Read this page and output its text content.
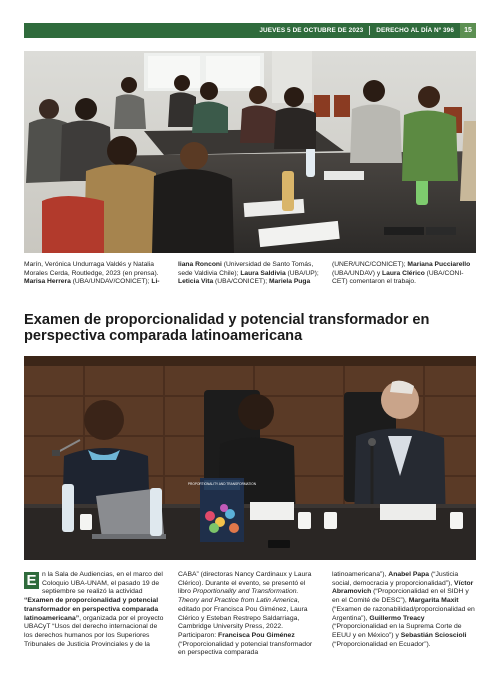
JUEVES 5 DE OCTUBRE DE 2023	DERECHO AL DÍA Nº 396	15
Marín, Verónica Undurraga Valdés y Natalia Morales Cerda, Routledge, 2023 (en prensa). Marisa Herrera (UBA/UNDAV/CONICET); Li-
liana Ronconi (Universidad de Santo Tomás, sede Valdivia Chile); Laura Saldivia (UBA/UP); Leticia Vita (UBA/CONICET); Mariela Puga
(UNER/UNC/CONICET); Mariana Pucciarello (UBA/UNDAV) y Laura Clérico (UBA/CONI-CET) comentaron el trabajo.
Examen de proporcionalidad y potencial transformador en perspectiva comparada latinoamericana
PROPORTIONALITY AND TRANSFORMATION
E n la Sala de Audiencias, en el marco del Coloquio UBA-UNAM, el pasado 19 de septiembre se realizó la actividad “Examen de proporcionalidad y potencial transformador en perspectiva comparada latinoamericana”, organizada por el proyecto UBACyT “Usos del derecho internacional de los derechos humanos por los Superiores Tribunales de Justicia Provinciales y de la
CABA” (directoras Nancy Cardinaux y Laura Clérico). Durante el evento, se presentó el libro Proportionality and Transformation. Theory and Practice from Latin America, editado por Francisca Pou Giménez, Laura Clérico y Esteban Restrepo Saldarriaga, Cambridge University Press, 2022. Participaron: Francisca Pou Giménez (“Proporcionalidad y potencial transformador en perspectiva comparada
latinoamericana”), Anabel Papa (“Justicia social, democracia y proporcionalidad”), Víctor Abramovich (“Proporcionalidad en el SIDH y en el Comité de DESC”), Margarita Maxit (“Examen de razonabilidad/proporcionalidad en Argentina”), Guillermo Treacy (“Proporcionalidad en la Suprema Corte de EEUU y en México”) y Sebastián Scioscioli (“Proporcionalidad en Ecuador”).
